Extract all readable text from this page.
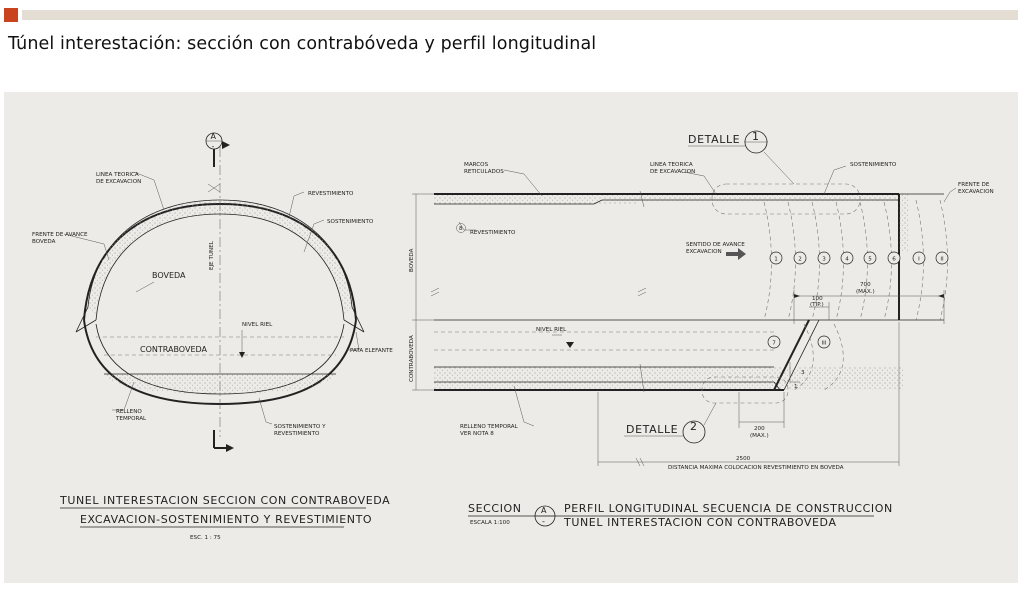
Túnel interestación: sección con contrabóveda y perfil longitudinal
A
-
LINEA TEORICA
DE EXCAVACION
FRENTE DE AVANCE
BOVEDA
REVESTIMIENTO
SOSTENIMIENTO
BOVEDA
EJE TUNEL
NIVEL RIEL
CONTRABOVEDA	PATA ELEFANTE
RELLENO
TEMPORAL
SOSTENIMIENTO Y
REVESTIMIENTO
TUNEL INTERESTACION SECCION CON CONTRABOVEDA
EXCAVACION-SOSTENIMIENTO Y REVESTIMIENTO
ESC. 1 : 75
1	2	3	4	5	6	I	II
7	III
DETALLE 1
DETALLE 2
MARCOS
RETICULADOS
LINEA TEORICA
DE EXCAVACION
SOSTENIMIENTO
FRENTE DE
EXCAVACION
8
REVESTIMIENTO
BOVEDA
CONTRABOVEDA
SENTIDO DE AVANCE
EXCAVACION
NIVEL RIEL
RELLENO TEMPORAL
VER NOTA 8
3
1
700
(MAX.)
100
(TIP.)
200
(MAX.)
2500
DISTANCIA MAXIMA COLOCACION REVESTIMIENTO EN BOVEDA
SECCION A
-
PERFIL LONGITUDINAL SECUENCIA DE CONSTRUCCION
ESCALA 1:100	TUNEL INTERESTACION CON CONTRABOVEDA
